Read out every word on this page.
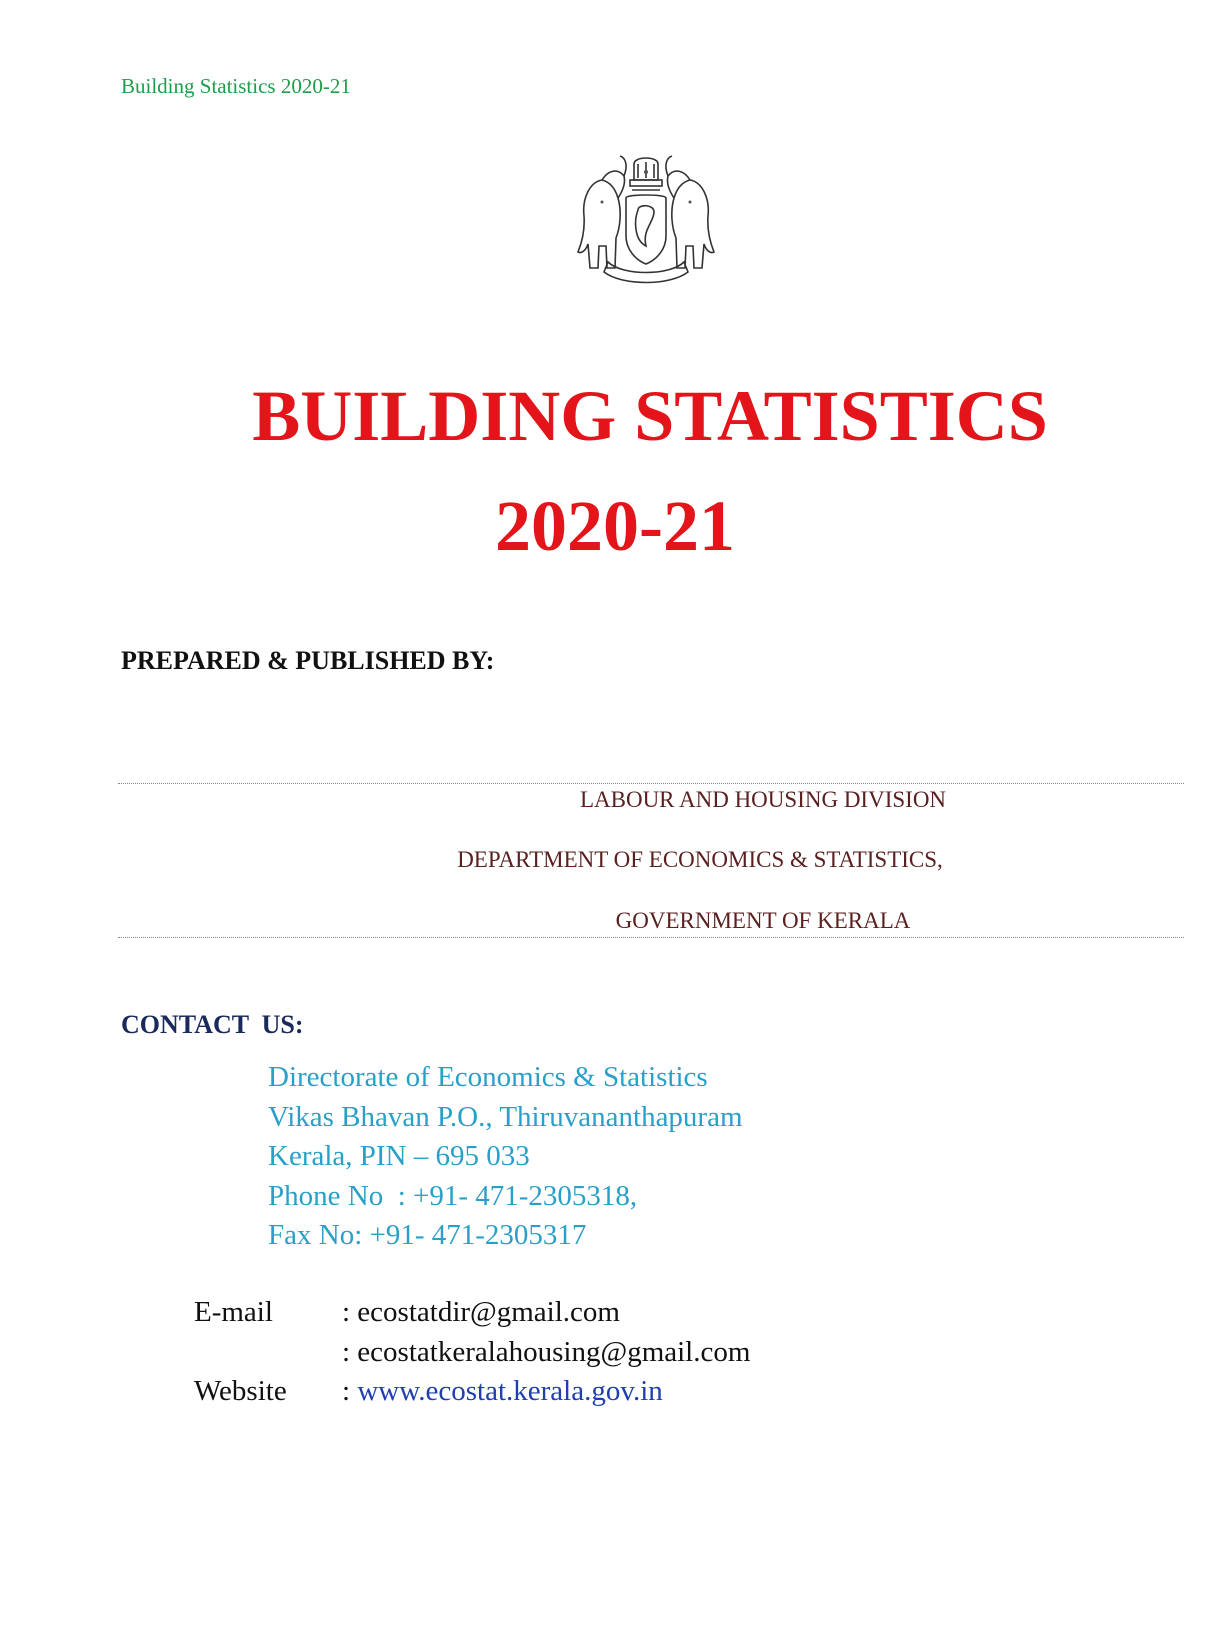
Building Statistics 2020-21
BUILDING STATISTICS
2020-21
PREPARED & PUBLISHED BY:
LABOUR AND HOUSING DIVISION
DEPARTMENT OF ECONOMICS & STATISTICS,
GOVERNMENT OF KERALA
CONTACT  US:
Directorate of Economics & Statistics
Vikas Bhavan P.O., Thiruvananthapuram
Kerala, PIN – 695 033
Phone No  : +91- 471-2305318,
Fax No: +91- 471-2305317
E-mail : ecostatdir@gmail.com
: ecostatkeralahousing@gmail.com
Website : www.ecostat.kerala.gov.in
